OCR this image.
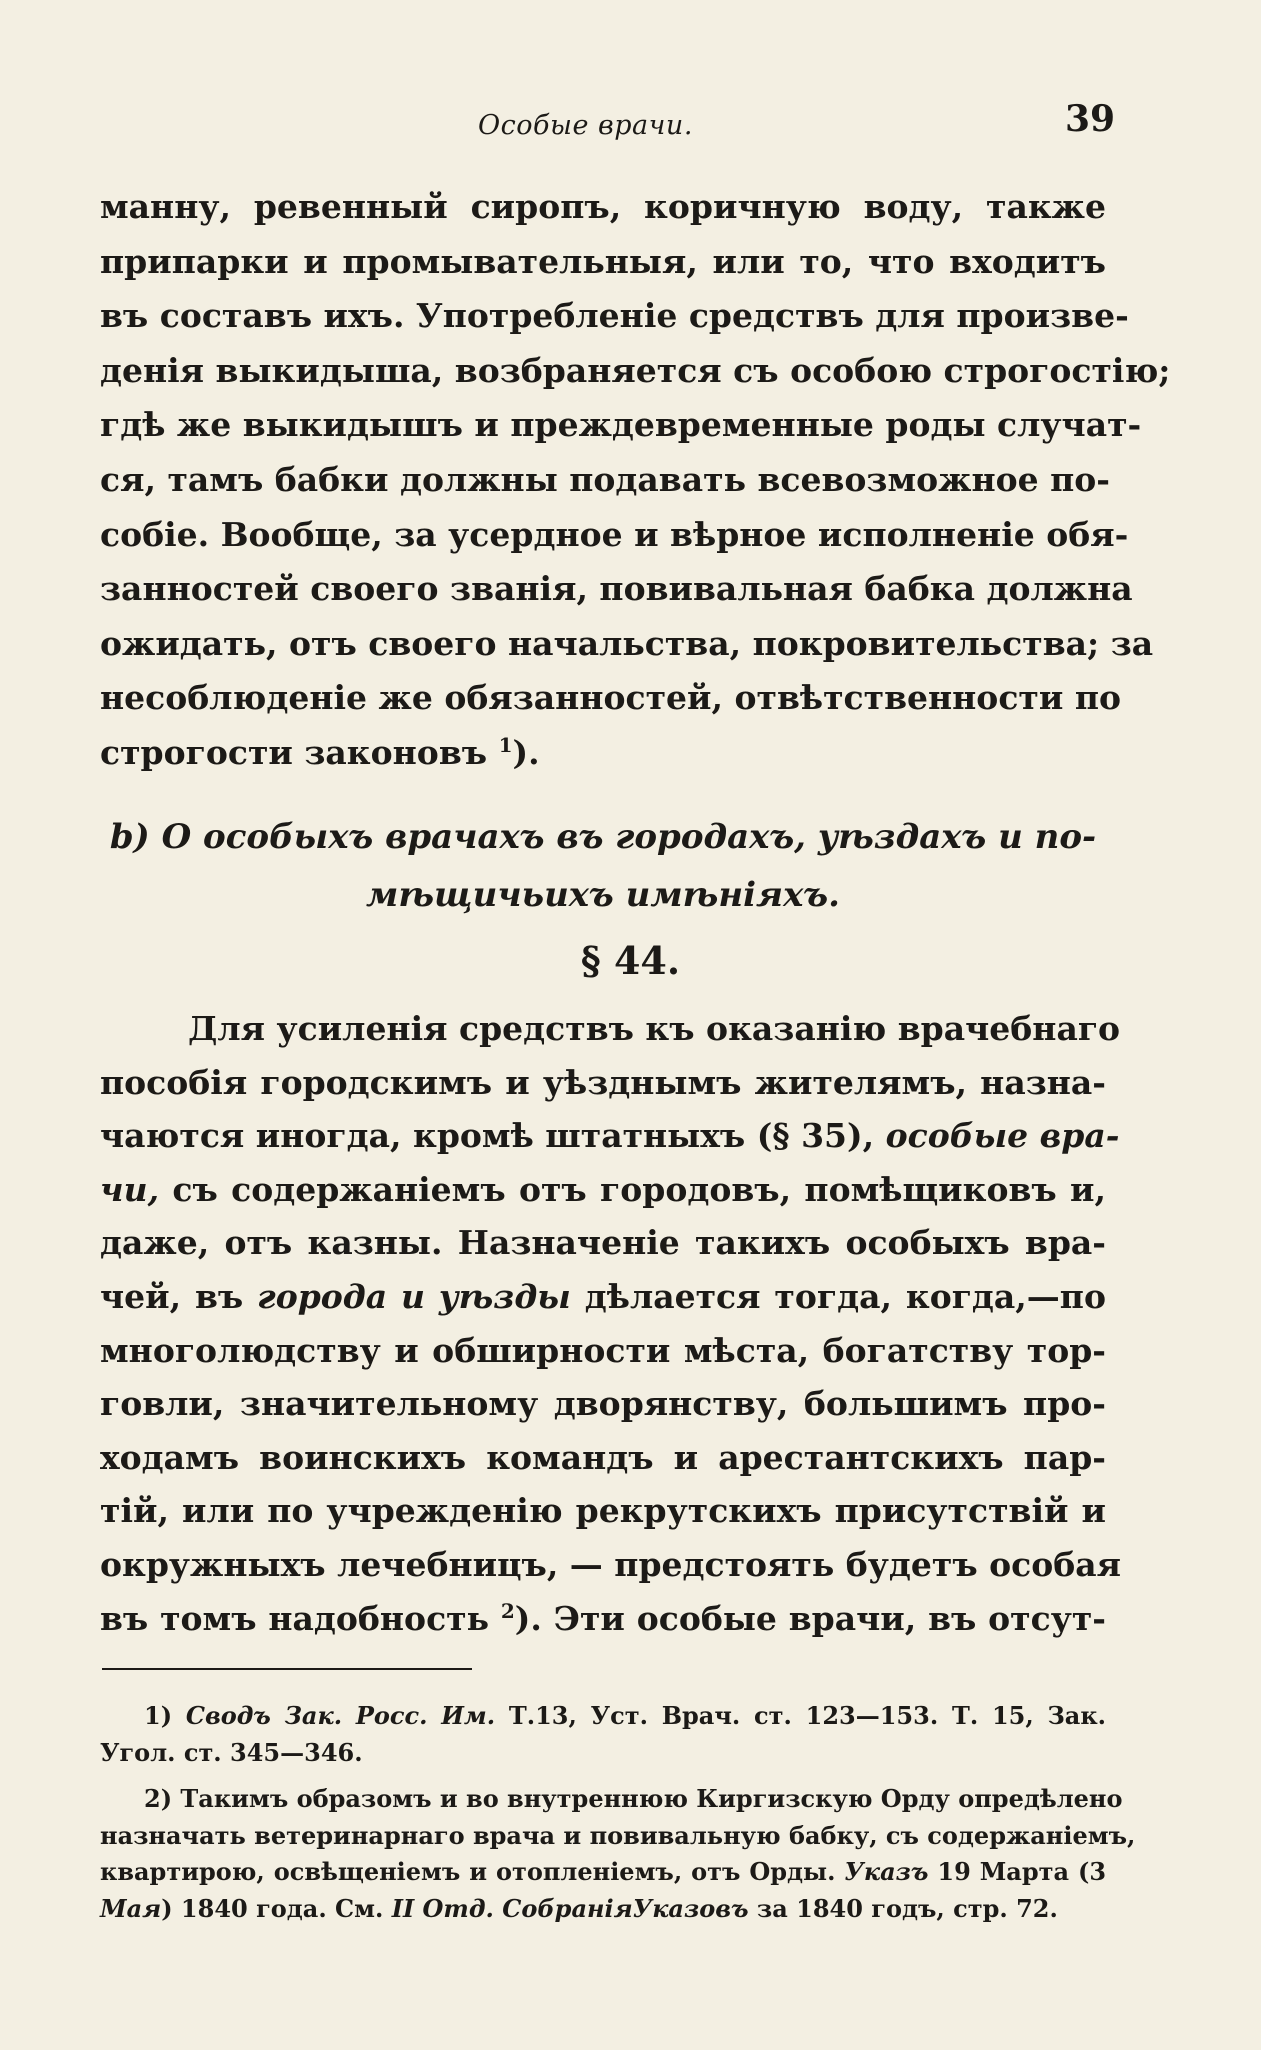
Особые врачи.	39
манну, ревенный сиропъ, коричную воду, также
припарки и промывательныя, или то, что входитъ
въ составъ ихъ. Употребленіе средствъ для произве-
денія выкидыша, возбраняется съ особою строгостію;
гдѣ же выкидышъ и преждевременные роды случат-
ся, тамъ бабки должны подавать всевозможное по-
собіе. Вообще, за усердное и вѣрное исполненіе обя-
занностей своего званія, повивальная бабка должна
ожидать, отъ своего начальства, покровительства; за
несоблюденіе же обязанностей, отвѣтственности по
строгости законовъ $^1$).
b) О особыхъ врачахъ въ городахъ, уѣздахъ и по-
мѣщичьихъ имѣніяхъ.
§ 44.
Для усиленія средствъ къ оказанію врачебнаго
пособія городскимъ и уѣзднымъ жителямъ, назна-
чаются иногда, кромѣ штатныхъ (§ 35), особые вра-
чи, съ содержаніемъ отъ городовъ, помѣщиковъ и,
даже, отъ казны. Назначеніе такихъ особыхъ вра-
чей, въ города и уѣзды дѣлается тогда, когда,—по
многолюдству и обширности мѣста, богатству тор-
говли, значительному дворянству, большимъ про-
ходамъ воинскихъ командъ и арестантскихъ пар-
тій, или по учрежденію рекрутскихъ присутствій и
окружныхъ лечебницъ, — предстоять будетъ особая
въ томъ надобность $^2$). Эти особые врачи, въ отсут-
1) Сводъ Зак. Росс. Им. Т.13, Уст. Врач. ст. 123—153. Т. 15, Зак.
Угол. ст. 345—346.
2) Такимъ образомъ и во внутреннюю Киргизскую Орду опредѣлено
назначать ветеринарнаго врача и повивальную бабку, съ содержаніемъ,
квартирою, освѣщеніемъ и отопленіемъ, отъ Орды. Указъ 19 Марта (3
Мая) 1840 года. См. II Отд. СобранiяУказовъ за 1840 годъ, стр. 72.
